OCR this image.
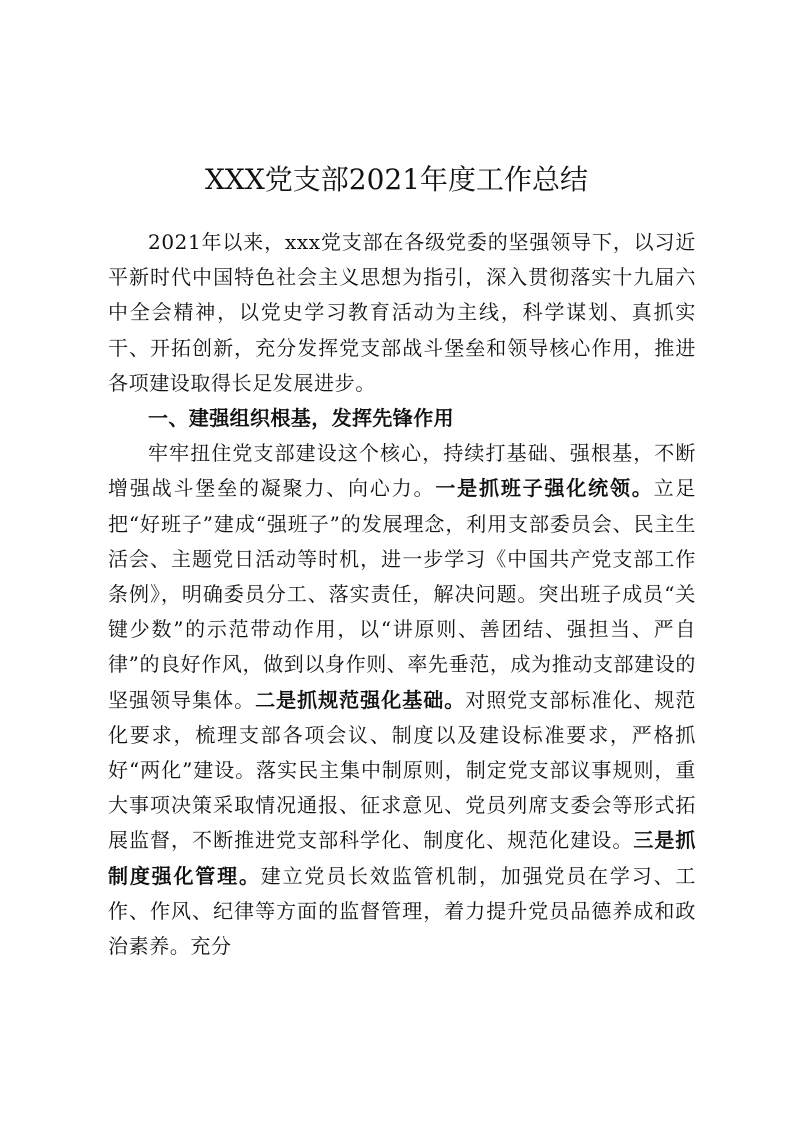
XXX党支部2021年度工作总结

2021年以来，xxx党支部在各级党委的坚强领导下，以习近平新时代中国特色社会主义思想为指引，深入贯彻落实十九届六中全会精神，以党史学习教育活动为主线，科学谋划、真抓实干、开拓创新，充分发挥党支部战斗堡垒和领导核心作用，推进各项建设取得长足发展进步。

一、建强组织根基，发挥先锋作用

牢牢扭住党支部建设这个核心，持续打基础、强根基，不断增强战斗堡垒的凝聚力、向心力。一是抓班子强化统领。立足把“好班子”建成“强班子”的发展理念，利用支部委员会、民主生活会、主题党日活动等时机，进一步学习《中国共产党支部工作条例》，明确委员分工、落实责任，解决问题。突出班子成员“关键少数”的示范带动作用，以“讲原则、善团结、强担当、严自律”的良好作风，做到以身作则、率先垂范，成为推动支部建设的坚强领导集体。二是抓规范强化基础。对照党支部标准化、规范化要求，梳理支部各项会议、制度以及建设标准要求，严格抓好“两化”建设。落实民主集中制原则，制定党支部议事规则，重大事项决策采取情况通报、征求意见、党员列席支委会等形式拓展监督，不断推进党支部科学化、制度化、规范化建设。三是抓制度强化管理。建立党员长效监管机制，加强党员在学习、工作、作风、纪律等方面的监督管理，着力提升党员品德养成和政治素养。充分
